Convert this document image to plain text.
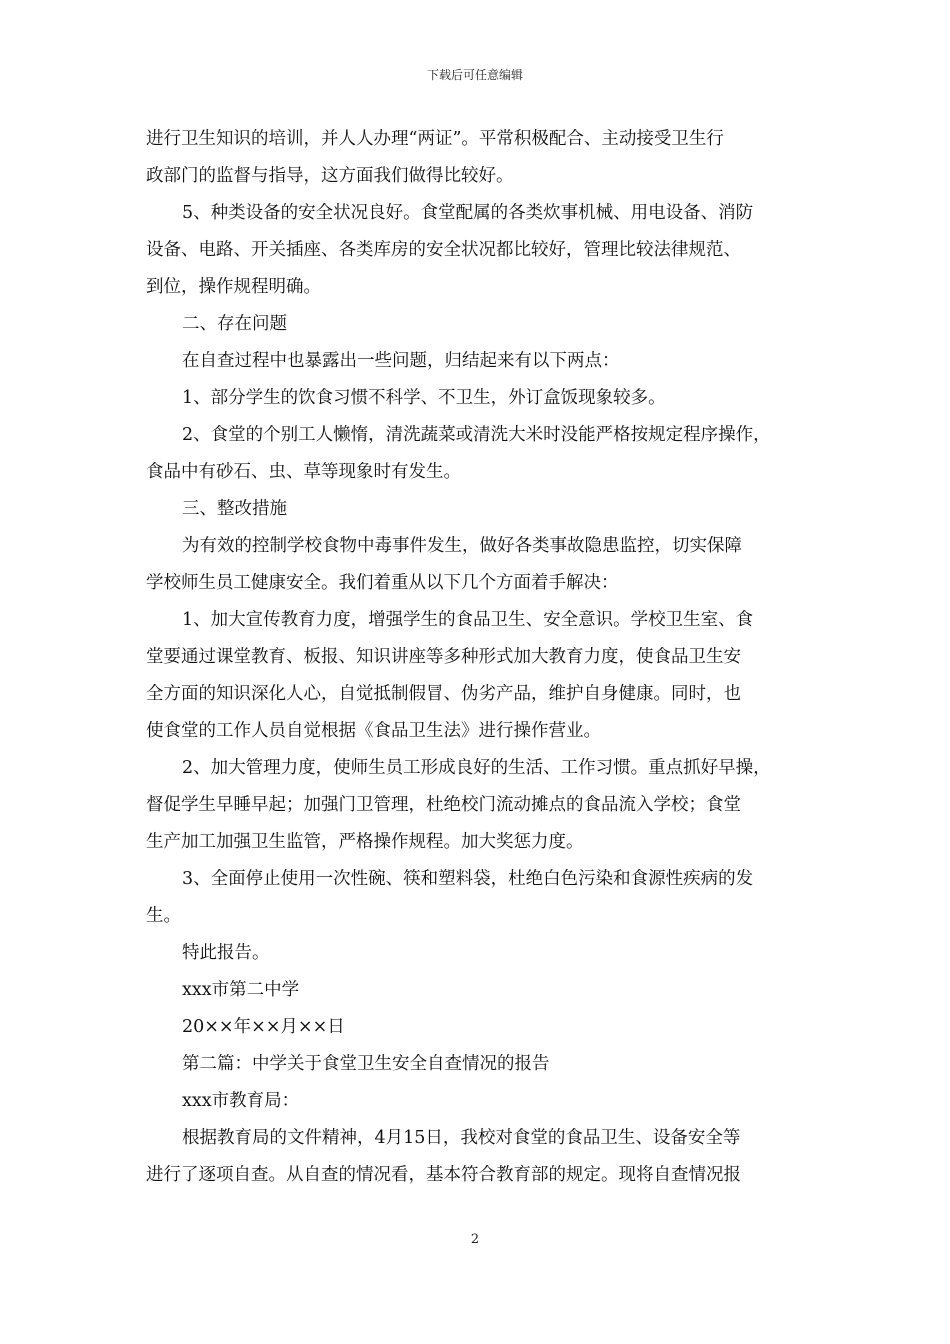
下载后可任意编辑
进行卫生知识的培训，并人人办理“两证”。平常积极配合、主动接受卫生行
政部门的监督与指导，这方面我们做得比较好。
5、种类设备的安全状况良好。食堂配属的各类炊事机械、用电设备、消防
设备、电路、开关插座、各类库房的安全状况都比较好，管理比较法律规范、
到位，操作规程明确。
二、存在问题
在自查过程中也暴露出一些问题，归结起来有以下两点：
1、部分学生的饮食习惯不科学、不卫生，外订盒饭现象较多。
2、食堂的个别工人懒惰，清洗蔬菜或清洗大米时没能严格按规定程序操作，
食品中有砂石、虫、草等现象时有发生。
三、整改措施
为有效的控制学校食物中毒事件发生，做好各类事故隐患监控，切实保障
学校师生员工健康安全。我们着重从以下几个方面着手解决：
1、加大宣传教育力度，增强学生的食品卫生、安全意识。学校卫生室、食
堂要通过课堂教育、板报、知识讲座等多种形式加大教育力度，使食品卫生安
全方面的知识深化人心，自觉抵制假冒、伪劣产品，维护自身健康。同时，也
使食堂的工作人员自觉根据《食品卫生法》进行操作营业。
2、加大管理力度，使师生员工形成良好的生活、工作习惯。重点抓好早操，
督促学生早睡早起；加强门卫管理，杜绝校门流动摊点的食品流入学校；食堂
生产加工加强卫生监管，严格操作规程。加大奖惩力度。
3、全面停止使用一次性碗、筷和塑料袋，杜绝白色污染和食源性疾病的发
生。
特此报告。
xxx市第二中学
20××年××月××日
第二篇：中学关于食堂卫生安全自查情况的报告
xxx市教育局：
根据教育局的文件精神，4月15日，我校对食堂的食品卫生、设备安全等
进行了逐项自查。从自查的情况看，基本符合教育部的规定。现将自查情况报
2
